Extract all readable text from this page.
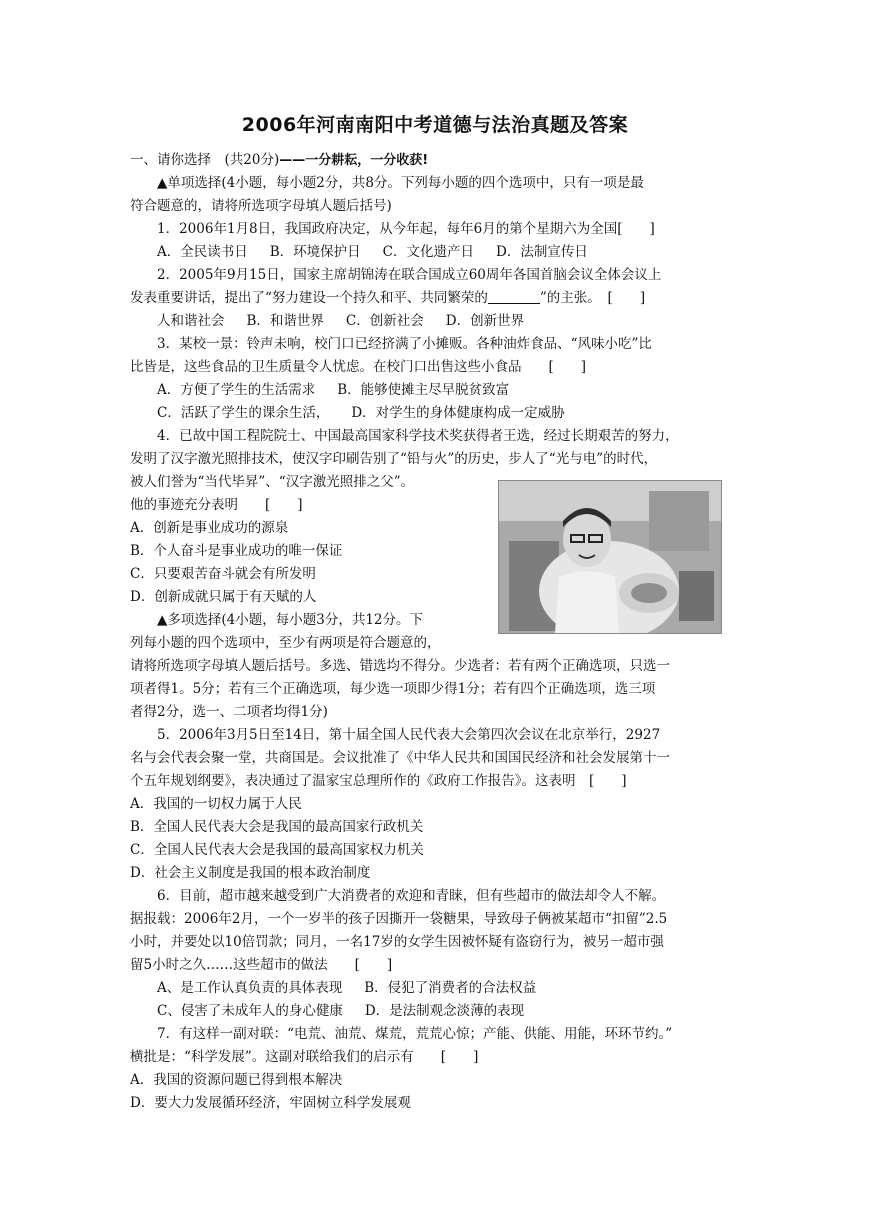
2006年河南南阳中考道德与法治真题及答案
一、请你选择　(共20分)——一分耕耘，一分收获!
▲单项选择(4小题，每小题2分，共8分。下列每小题的四个选项中，只有一项是最
符合题意的，请将所选项字母填人题后括号)
1．2006年1月8日，我国政府决定，从今年起，每年6月的第个星期六为全国[　　]
A．全民读书日 B．环境保护日 C．文化遗产日 D．法制宣传日
2．2005年9月15日，国家主席胡锦涛在联合国成立60周年各国首脑会议全体会议上
发表重要讲话，提出了“努力建设一个持久和平、共同繁荣的	”的主张。　[　　]
人和谐社会 B．和谐世界 C．创新社会 D．创新世界
3．某校一景：铃声未响，校门口已经挤满了小摊贩。各种油炸食品、“风味小吃”比
比皆是，这些食品的卫生质量令人忧虑。在校门口出售这些小食品　　[　　]
A．方便了学生的生活需求 B．能够使摊主尽早脱贫致富
C．活跃了学生的课余生活， D．对学生的身体健康构成一定威胁
4．已故中国工程院院士、中国最高国家科学技术奖获得者王选，经过长期艰苦的努力，
发明了汉字激光照排技术，使汉字印刷告别了“铅与火”的历史，步人了“光与电”的时代，
被人们誉为“当代毕昇”、“汉字激光照排之父”。
他的事迹充分表明　　[　　]
A．创新是事业成功的源泉
B．个人奋斗是事业成功的唯一保证
C．只要艰苦奋斗就会有所发明
D．创新成就只属于有天赋的人
▲多项选择(4小题，每小题3分，共12分。下
列每小题的四个选项中，至少有两项是符合题意的，
请将所选项字母填人题后括号。多选、错选均不得分。少选者：若有两个正确选项，只选一
项者得1。5分；若有三个正确选项，每少选一项即少得1分；若有四个正确选项，选三项
者得2分，选一、二项者均得1分)
5．2006年3月5日至14日，第十届全国人民代表大会第四次会议在北京举行，2927
名与会代表会聚一堂，共商国是。会议批准了《中华人民共和国国民经济和社会发展第十一
个五年规划纲要》，表决通过了温家宝总理所作的《政府工作报告》。这表明　[　　]
A．我国的一切权力属于人民
B．全国人民代表大会是我国的最高国家行政机关
C．全国人民代表大会是我国的最高国家权力机关
D．社会主义制度是我国的根本政治制度
6．目前，超市越来越受到广大消费者的欢迎和青睐，但有些超市的做法却令人不解。
据报载：2006年2月，一个一岁半的孩子因撕开一袋糖果，导致母子俩被某超市“扣留”2.5
小时，并要处以10倍罚款；同月，一名17岁的女学生因被怀疑有盗窃行为，被另一超市强
留5小时之久……这些超市的做法　　[　　]
A、是工作认真负责的具体表现 B．侵犯了消费者的合法权益
C、侵害了未成年人的身心健康 D．是法制观念淡薄的表现
7．有这样一副对联：“电荒、油荒、煤荒，荒荒心惊；产能、供能、用能，环环节约。”
横批是：“科学发展”。这副对联给我们的启示有　　[　　]
A．我国的资源问题已得到根本解决
D．要大力发展循环经济，牢固树立科学发展观
